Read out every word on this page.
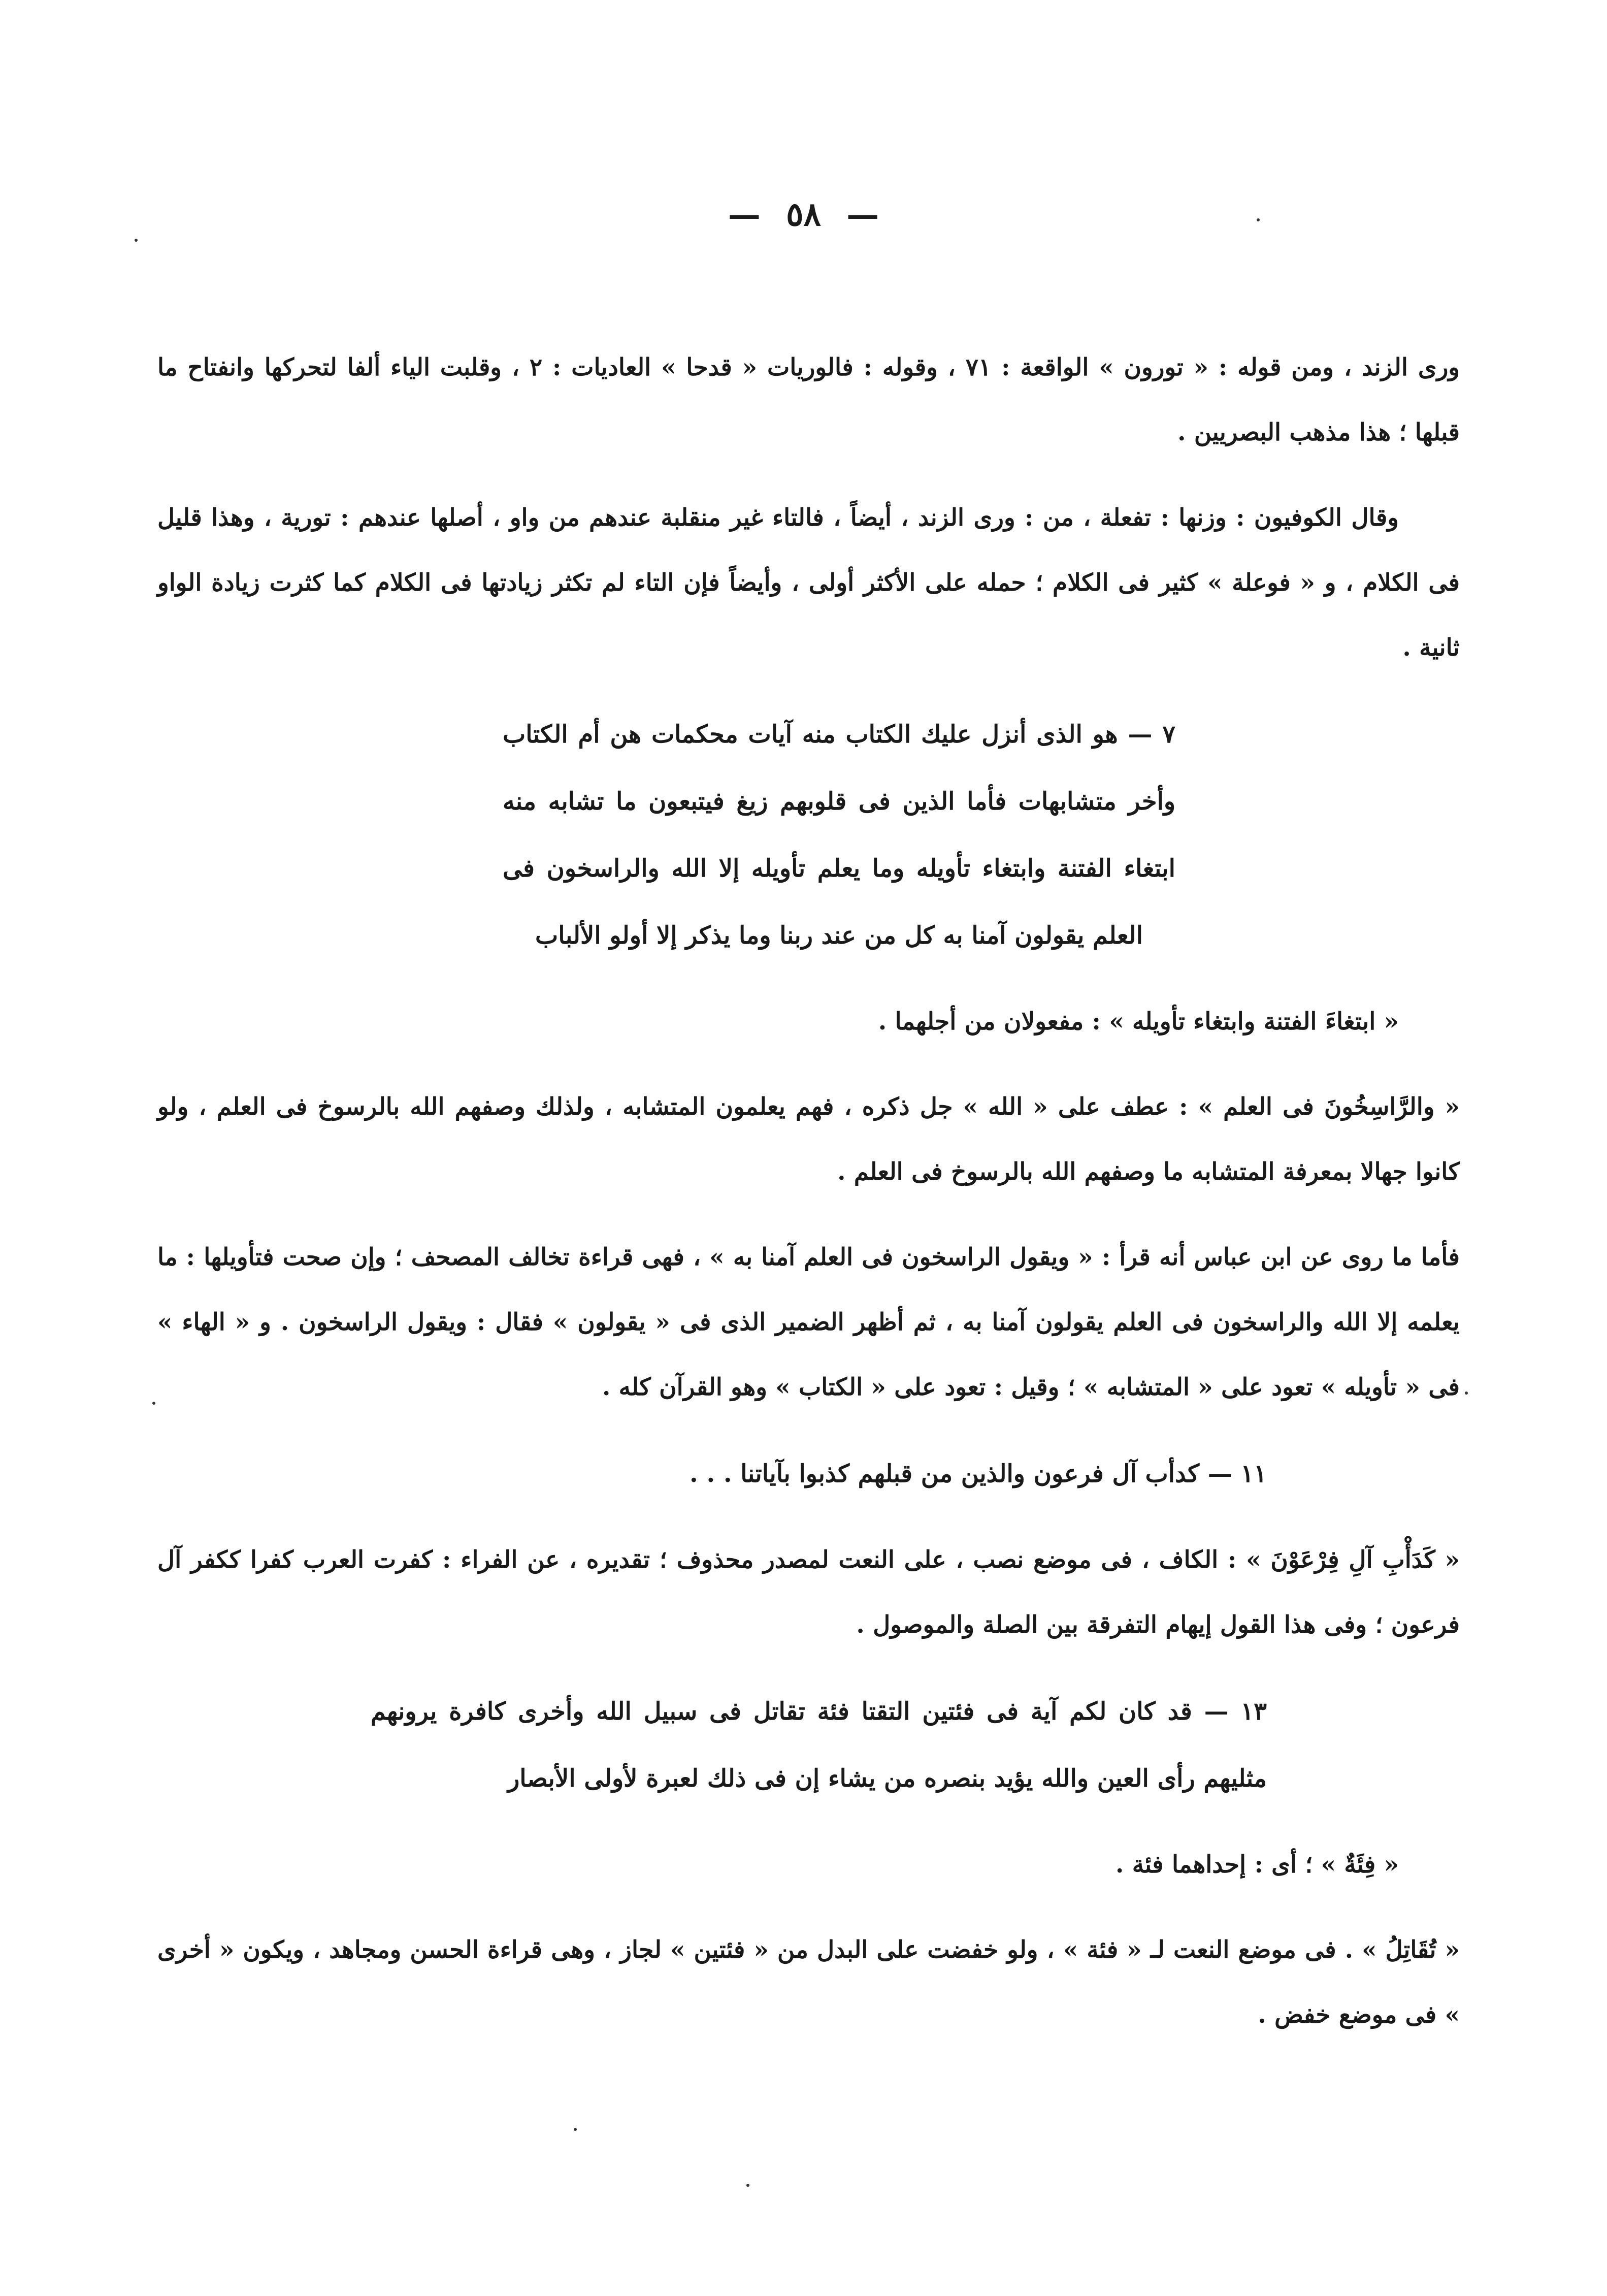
— ٥٨ —

ورى الزند ، ومن قوله : « تورون » الواقعة : ٧١ ، وقوله : فالوريات « قدحا » العاديات : ٢ ، وقلبت الياء ألفا لتحركها وانفتاح ما قبلها ؛ هذا مذهب البصريين .

وقال الكوفيون : وزنها : تفعلة ، من : ورى الزند ، أيضاً ، فالتاء غير منقلبة عندهم من واو ، أصلها عندهم : تورية ، وهذا قليل فى الكلام ، و « فوعلة » كثير فى الكلام ؛ حمله على الأكثر أولى ، وأيضاً فإن التاء لم تكثر زيادتها فى الكلام كما كثرت زيادة الواو ثانية .

٧ — هو الذى أنزل عليك الكتاب منه آيات محكمات هن أم الكتاب وأخر متشابهات فأما الذين فى قلوبهم زيغ فيتبعون ما تشابه منه ابتغاء الفتنة وابتغاء تأويله وما يعلم تأويله إلا الله والراسخون فى العلم يقولون آمنا به كل من عند ربنا وما يذكر إلا أولو الألباب

« ابتغاءَ الفتنة وابتغاء تأويله » : مفعولان من أجلهما .

« والرَّاسِخُونَ فى العلم » : عطف على « الله » جل ذكره ، فهم يعلمون المتشابه ، ولذلك وصفهم الله بالرسوخ فى العلم ، ولو كانوا جهالا بمعرفة المتشابه ما وصفهم الله بالرسوخ فى العلم .

فأما ما روى عن ابن عباس أنه قرأ : « ويقول الراسخون فى العلم آمنا به » ، فهى قراءة تخالف المصحف ؛ وإن صحت فتأويلها : ما يعلمه إلا الله والراسخون فى العلم يقولون آمنا به ، ثم أظهر الضمير الذى فى « يقولون » فقال : ويقول الراسخون . و « الهاء » فى « تأويله » تعود على « المتشابه » ؛ وقيل : تعود على « الكتاب » وهو القرآن كله .

١١ — كدأب آل فرعون والذين من قبلهم كذبوا بآياتنا . . .

« كَدَأْبِ آلِ فِرْعَوْنَ » : الكاف ، فى موضع نصب ، على النعت لمصدر محذوف ؛ تقديره ، عن الفراء : كفرت العرب كفرا ككفر آل فرعون ؛ وفى هذا القول إيهام التفرقة بين الصلة والموصول .

١٣ — قد كان لكم آية فى فئتين التقتا فئة تقاتل فى سبيل الله وأخرى كافرة يرونهم مثليهم رأى العين والله يؤيد بنصره من يشاء إن فى ذلك لعبرة لأولى الأبصار

« فِئَةٌ » ؛ أى : إحداهما فئة .

« تُقَاتِلُ » . فى موضع النعت لـ « فئة » ، ولو خفضت على البدل من « فئتين » لجاز ، وهى قراءة الحسن ومجاهد ، ويكون « أخرى » فى موضع خفض .
